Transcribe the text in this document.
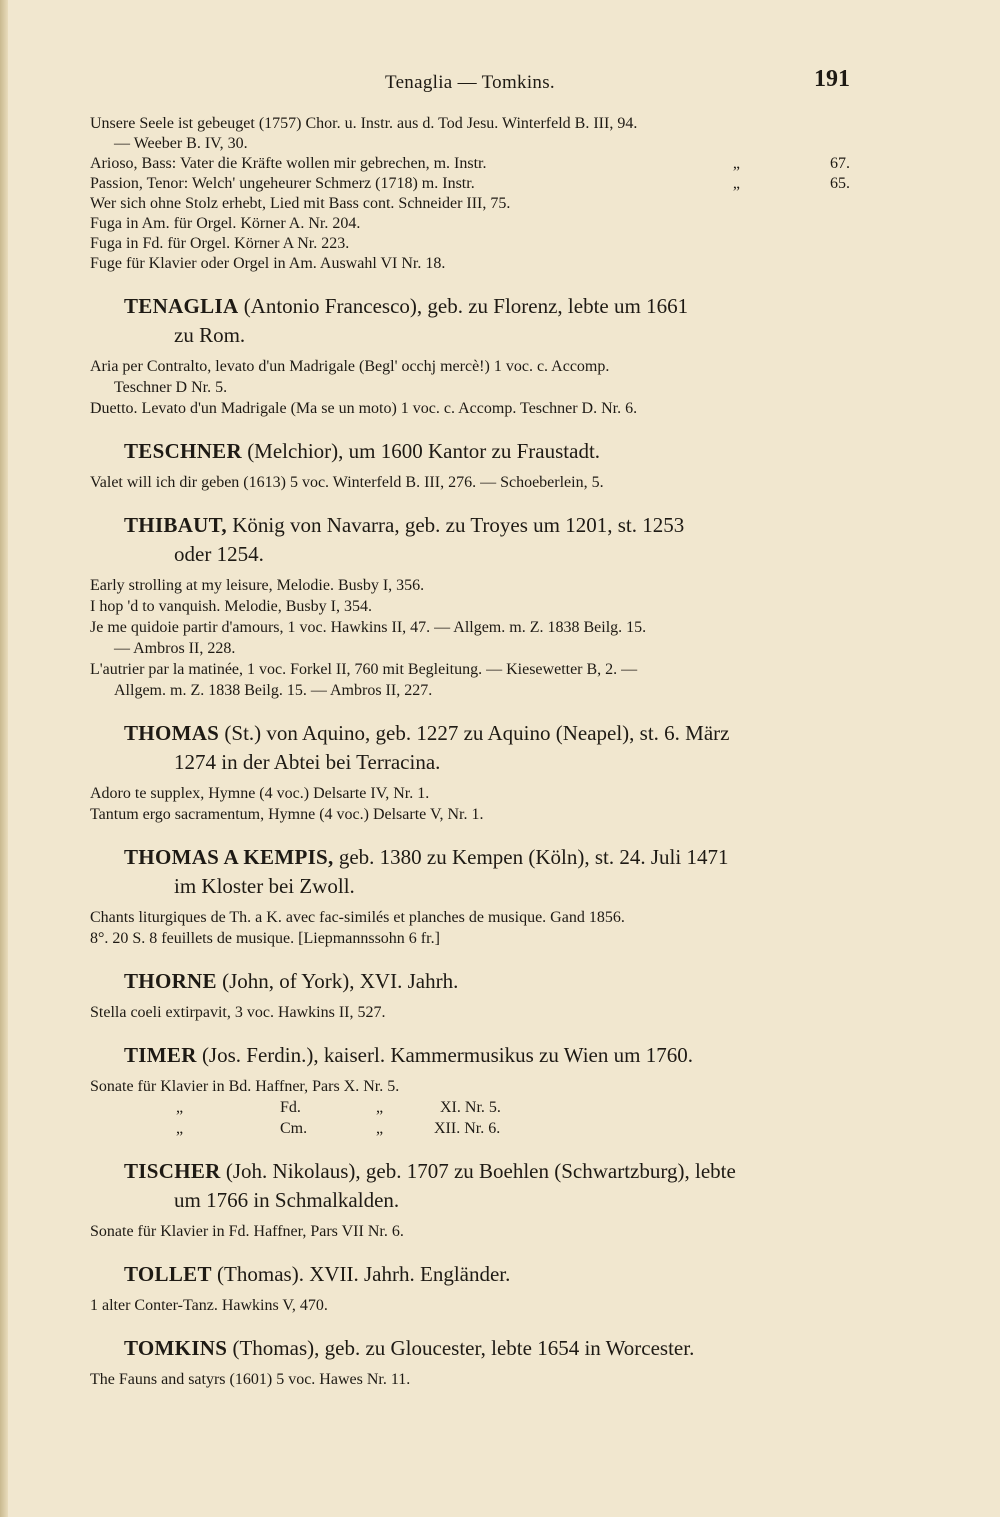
Tenaglia — Tomkins.	191
Unsere Seele ist gebeuget (1757) Chor. u. Instr. aus d. Tod Jesu. Winterfeld B. III, 94.
— Weeber B. IV, 30.
Arioso, Bass: Vater die Kräfte wollen mir gebrechen, m. Instr.	„	67.
Passion, Tenor: Welch' ungeheurer Schmerz (1718) m. Instr.	„	65.
Wer sich ohne Stolz erhebt, Lied mit Bass cont. Schneider III, 75.
Fuga in Am. für Orgel. Körner A. Nr. 204.
Fuga in Fd. für Orgel. Körner A Nr. 223.
Fuge für Klavier oder Orgel in Am. Auswahl VI Nr. 18.
TENAGLIA (Antonio Francesco), geb. zu Florenz, lebte um 1661
zu Rom.
Aria per Contralto, levato d'un Madrigale (Begl' occhj mercè!) 1 voc. c. Accomp.
Teschner D Nr. 5.
Duetto. Levato d'un Madrigale (Ma se un moto) 1 voc. c. Accomp. Teschner D. Nr. 6.
TESCHNER (Melchior), um 1600 Kantor zu Fraustadt.
Valet will ich dir geben (1613) 5 voc. Winterfeld B. III, 276. — Schoeberlein, 5.
THIBAUT, König von Navarra, geb. zu Troyes um 1201, st. 1253
oder 1254.
Early strolling at my leisure, Melodie. Busby I, 356.
I hop 'd to vanquish. Melodie, Busby I, 354.
Je me quidoie partir d'amours, 1 voc. Hawkins II, 47. — Allgem. m. Z. 1838 Beilg. 15.
— Ambros II, 228.
L'autrier par la matinée, 1 voc. Forkel II, 760 mit Begleitung. — Kiesewetter B, 2. —
Allgem. m. Z. 1838 Beilg. 15. — Ambros II, 227.
THOMAS (St.) von Aquino, geb. 1227 zu Aquino (Neapel), st. 6. März
1274 in der Abtei bei Terracina.
Adoro te supplex, Hymne (4 voc.) Delsarte IV, Nr. 1.
Tantum ergo sacramentum, Hymne (4 voc.) Delsarte V, Nr. 1.
THOMAS A KEMPIS, geb. 1380 zu Kempen (Köln), st. 24. Juli 1471
im Kloster bei Zwoll.
Chants liturgiques de Th. a K. avec fac-similés et planches de musique. Gand 1856.
8°. 20 S. 8 feuillets de musique. [Liepmannssohn 6 fr.]
THORNE (John, of York), XVI. Jahrh.
Stella coeli extirpavit, 3 voc. Hawkins II, 527.
TIMER (Jos. Ferdin.), kaiserl. Kammermusikus zu Wien um 1760.
Sonate für Klavier in Bd. Haffner, Pars X. Nr. 5.
„	Fd.	„	XI. Nr. 5.
„	Cm.	„	XII. Nr. 6.
TISCHER (Joh. Nikolaus), geb. 1707 zu Boehlen (Schwartzburg), lebte
um 1766 in Schmalkalden.
Sonate für Klavier in Fd. Haffner, Pars VII Nr. 6.
TOLLET (Thomas). XVII. Jahrh. Engländer.
1 alter Conter-Tanz. Hawkins V, 470.
TOMKINS (Thomas), geb. zu Gloucester, lebte 1654 in Worcester.
The Fauns and satyrs (1601) 5 voc. Hawes Nr. 11.
